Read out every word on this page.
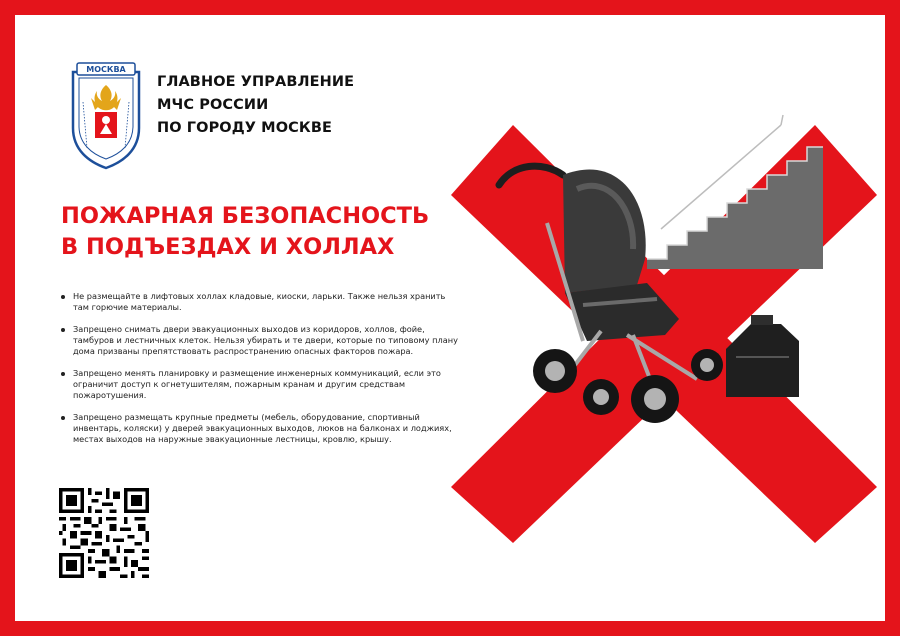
МОСКВА
ГЛАВНОЕ УПРАВЛЕНИЕ
МЧС РОССИИ
ПО ГОРОДУ МОСКВЕ
ПОЖАРНАЯ БЕЗОПАСНОСТЬ
В ПОДЪЕЗДАХ И ХОЛЛАХ
Не размещайте в лифтовых холлах кладовые, киоски, ларьки. Также нельзя хранить там горючие материалы.
Запрещено снимать двери эвакуационных выходов из коридоров, холлов, фойе, тамбуров и лестничных клеток. Нельзя убирать и те двери, которые по типовому плану дома призваны препятствовать распространению опасных факторов пожара.
Запрещено менять планировку и размещение инженерных коммуникаций, если это ограничит доступ к огнетушителям, пожарным кранам и другим средствам пожаротушения.
Запрещено размещать крупные предметы (мебель, оборудование, спортивный инвентарь, коляски) у дверей эвакуационных выходов, люков на балконах и лоджиях, местах выходов на наружные эвакуационные лестницы, кровлю, крышу.
